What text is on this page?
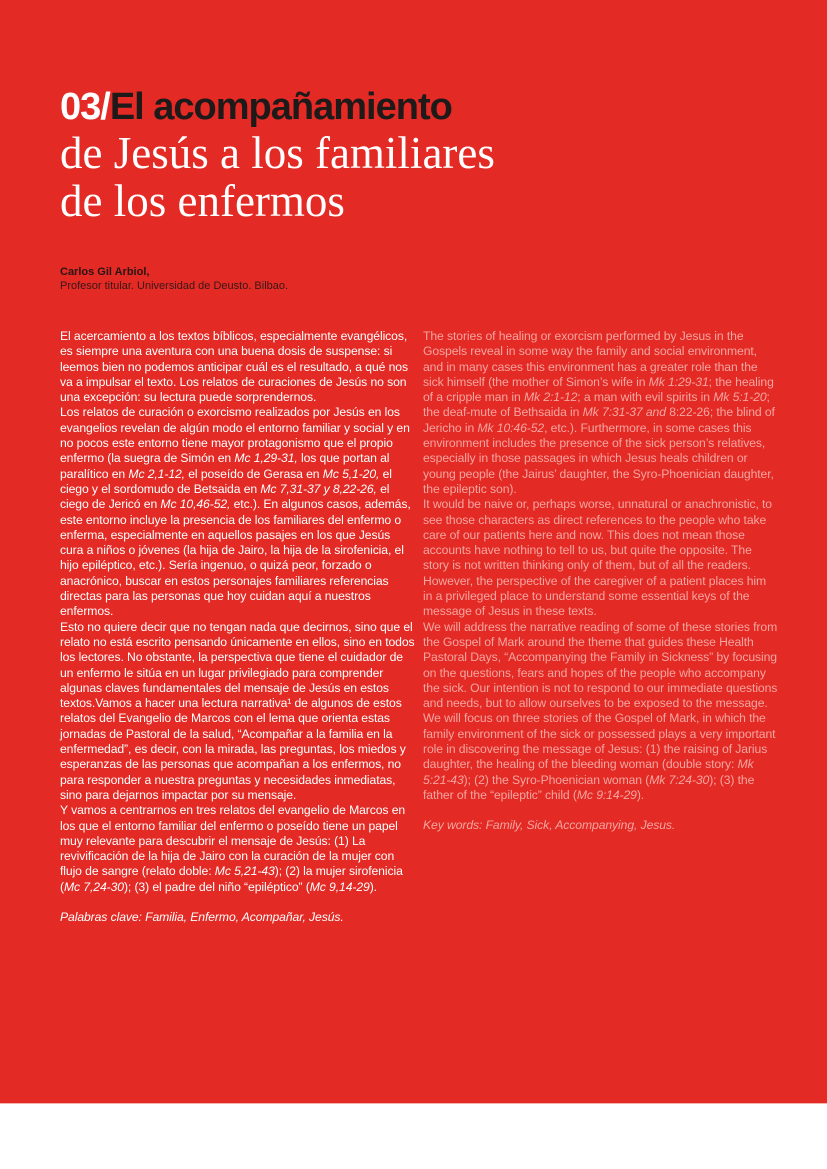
03/El acompañamiento
de Jesús a los familiares
de los enfermos
Carlos Gil Arbiol,
Profesor titular. Universidad de Deusto. Bilbao.

El acercamiento a los textos bíblicos, especialmente evangélicos, es siempre una aventura con una buena dosis de suspense: si leemos bien no podemos anticipar cuál es el resultado, a qué nos va a impulsar el texto. Los relatos de curaciones de Jesús no son una excepción: su lectura puede sorprendernos.

Los relatos de curación o exorcismo realizados por Jesús en los evangelios revelan de algún modo el entorno familiar y social y en no pocos este entorno tiene mayor protagonismo que el propio enfermo (la suegra de Simón en Mc 1,29-31, los que portan al paralítico en Mc 2,1-12, el poseído de Gerasa en Mc 5,1-20, el ciego y el sordomudo de Betsaida en Mc 7,31-37 y 8,22-26, el ciego de Jericó en Mc 10,46-52, etc.). En algunos casos, además, este entorno incluye la presencia de los familiares del enfermo o enferma, especialmente en aquellos pasajes en los que Jesús cura a niños o jóvenes (la hija de Jairo, la hija de la sirofenicia, el hijo epiléptico, etc.). Sería ingenuo, o quizá peor, forzado o anacrónico, buscar en estos personajes familiares referencias directas para las personas que hoy cuidan aquí a nuestros enfermos.

Esto no quiere decir que no tengan nada que decirnos, sino que el relato no está escrito pensando únicamente en ellos, sino en todos los lectores. No obstante, la perspectiva que tiene el cuidador de un enfermo le sitúa en un lugar privilegiado para comprender algunas claves fundamentales del mensaje de Jesús en estos textos.Vamos a hacer una lectura narrativa¹ de algunos de estos relatos del Evangelio de Marcos con el lema que orienta estas jornadas de Pastoral de la salud, “Acompañar a la familia en la enfermedad”, es decir, con la mirada, las preguntas, los miedos y esperanzas de las personas que acompañan a los enfermos, no para responder a nuestra preguntas y necesidades inmediatas, sino para dejarnos impactar por su mensaje.

Y vamos a centrarnos en tres relatos del evangelio de Marcos en los que el entorno familiar del enfermo o poseído tiene un papel muy relevante para descubrir el mensaje de Jesús: (1) La revivificación de la hija de Jairo con la curación de la mujer con flujo de sangre (relato doble: Mc 5,21-43); (2) la mujer sirofenicia (Mc 7,24-30); (3) el padre del niño “epiléptico” (Mc 9,14-29).

Palabras clave: Familia, Enfermo, Acompañar, Jesús.

The stories of healing or exorcism performed by Jesus in the Gospels reveal in some way the family and social environment, and in many cases this environment has a greater role than the sick himself (the mother of Simon’s wife in Mk 1:29-31; the healing of a cripple man in Mk 2:1-12; a man with evil spirits in Mk 5:1-20; the deaf-mute of Bethsaida in Mk 7:31-37 and 8:22-26; the blind of Jericho in Mk 10:46-52, etc.). Furthermore, in some cases this environment includes the presence of the sick person’s relatives, especially in those passages in which Jesus heals children or young people (the Jairus’ daughter, the Syro-Phoenician daughter, the epileptic son).

It would be naive or, perhaps worse, unnatural or anachronistic, to see those characters as direct references to the people who take care of our patients here and now. This does not mean those accounts have nothing to tell to us, but quite the opposite. The story is not written thinking only of them, but of all the readers. However, the perspective of the caregiver of a patient places him in a privileged place to understand some essential keys of the message of Jesus in these texts.

We will address the narrative reading of some of these stories from the Gospel of Mark around the theme that guides these Health Pastoral Days, “Accompanying the Family in Sickness” by focusing on the questions, fears and hopes of the people who accompany the sick. Our intention is not to respond to our immediate questions and needs, but to allow ourselves to be exposed to the message. We will focus on three stories of the Gospel of Mark, in which the family environment of the sick or possessed plays a very important role in discovering the message of Jesus: (1) the raising of Jarius daughter, the healing of the bleeding woman (double story: Mk 5:21-43); (2) the Syro-Phoenician woman (Mk 7:24-30); (3) the father of the “epileptic” child (Mc 9:14-29).

Key words: Family, Sick, Accompanying, Jesus.
